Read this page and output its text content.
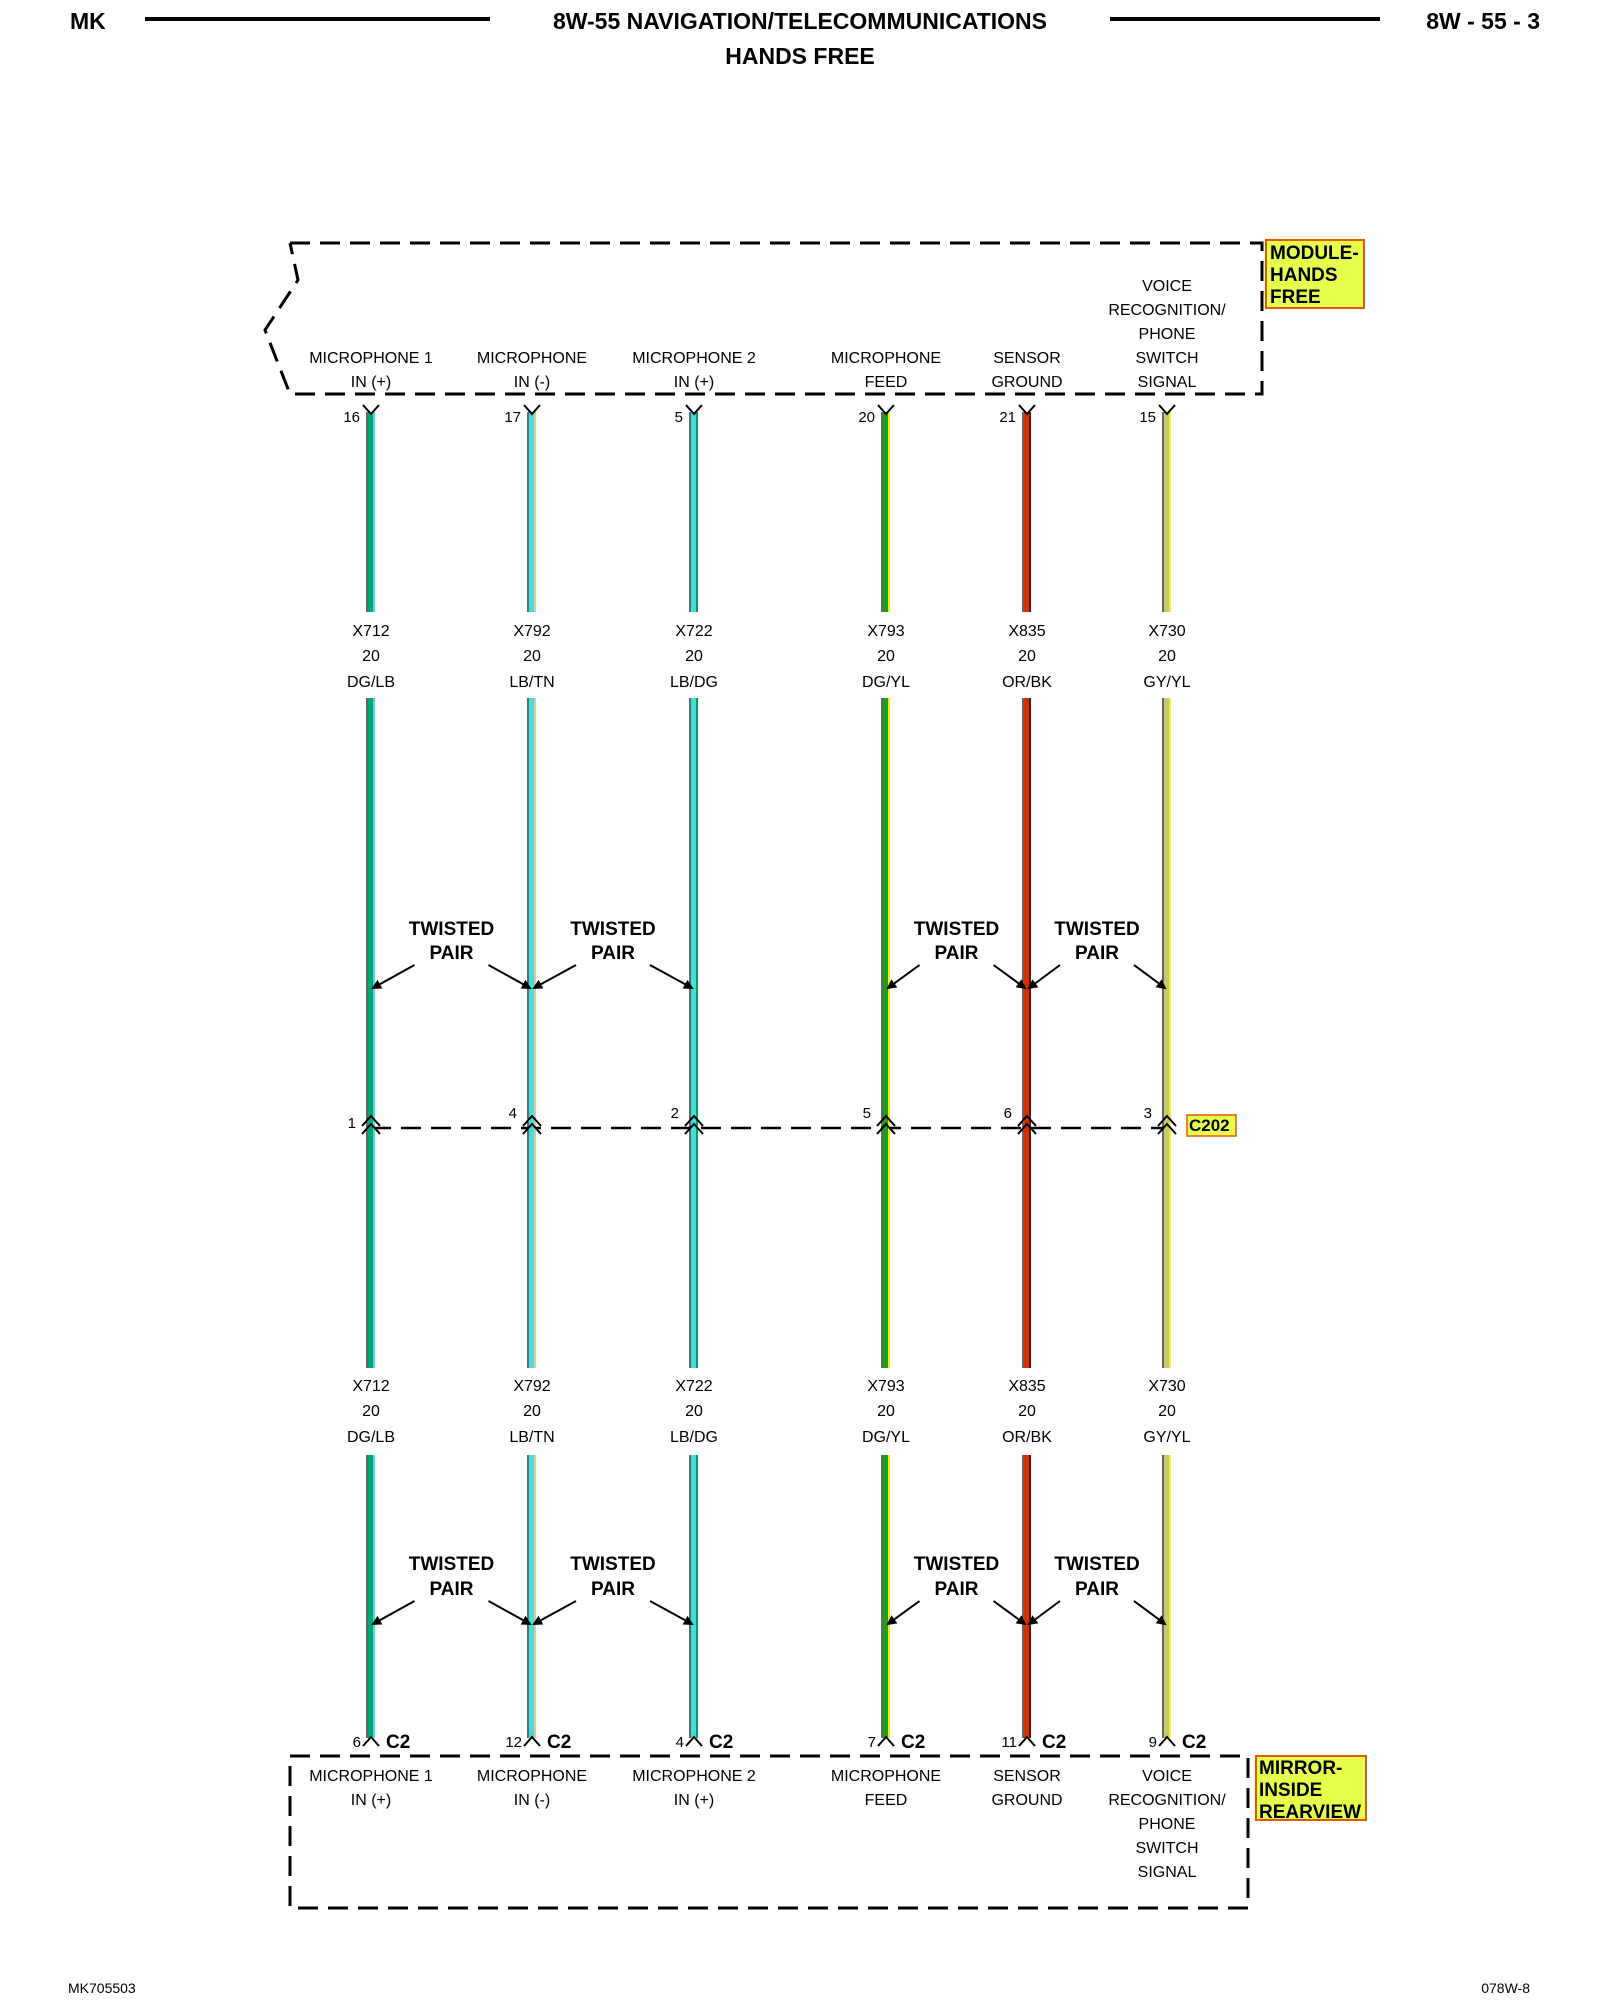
MK	8W-55 NAVIGATION/TELECOMMUNICATIONS
HANDS FREE
8W - 55 - 3
MODULE-
HANDS
FREE
MIRROR-
INSIDE
REARVIEW
C202
16
MICROPHONE 1
IN (+)
X712
20
DG/LB
X712
20
DG/LB
1
6 C2
MICROPHONE 1
IN (+)
17
MICROPHONE
IN (-)
X792
20
LB/TN
X792
20
LB/TN
4
12 C2
MICROPHONE
IN (-)
5
MICROPHONE 2
IN (+)
X722
20
LB/DG
X722
20
LB/DG
2
4 C2
MICROPHONE 2
IN (+)
20
MICROPHONE
FEED
X793
20
DG/YL
X793
20
DG/YL
5
7 C2
MICROPHONE
FEED
21
SENSOR
GROUND
X835
20
OR/BK
X835
20
OR/BK
6
11 C2
SENSOR
GROUND
15
VOICE
RECOGNITION/
PHONE
SWITCH
SIGNAL
X730
20
GY/YL
X730
20
GY/YL
3
9 C2
VOICE
RECOGNITION/
PHONE
SWITCH
SIGNAL
TWISTED
PAIR
TWISTED
PAIR
TWISTED
PAIR
TWISTED
PAIR
TWISTED
PAIR
TWISTED
PAIR
TWISTED
PAIR
TWISTED
PAIR
MK705503	078W-8
